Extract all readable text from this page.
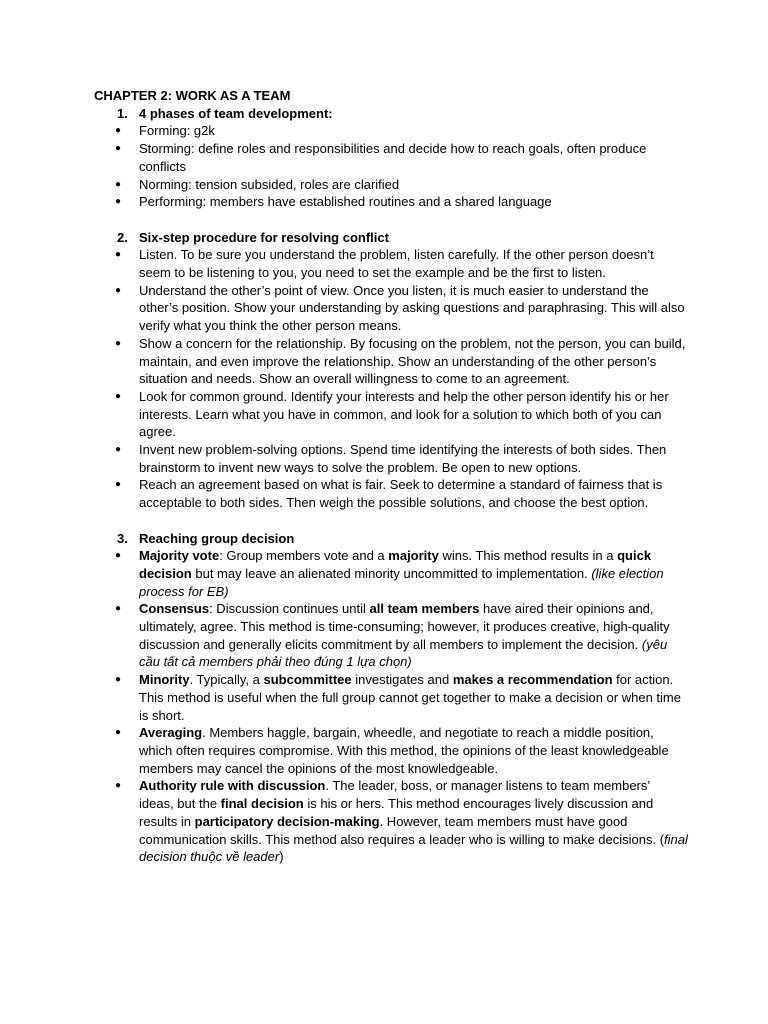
CHAPTER 2: WORK AS A TEAM

1. 4 phases of team development:

● Forming: g2k
● Storming: define roles and responsibilities and decide how to reach goals, often produce conflicts
● Norming: tension subsided, roles are clarified
● Performing: members have established routines and a shared language

2. Six-step procedure for resolving conflict

● Listen. To be sure you understand the problem, listen carefully. If the other person doesn’t seem to be listening to you, you need to set the example and be the first to listen.
● Understand the other’s point of view. Once you listen, it is much easier to understand the other’s position. Show your understanding by asking questions and paraphrasing. This will also verify what you think the other person means.
● Show a concern for the relationship. By focusing on the problem, not the person, you can build, maintain, and even improve the relationship. Show an understanding of the other person’s situation and needs. Show an overall willingness to come to an agreement.
● Look for common ground. Identify your interests and help the other person identify his or her interests. Learn what you have in common, and look for a solution to which both of you can agree.
● Invent new problem-solving options. Spend time identifying the interests of both sides. Then brainstorm to invent new ways to solve the problem. Be open to new options.
● Reach an agreement based on what is fair. Seek to determine a standard of fairness that is acceptable to both sides. Then weigh the possible solutions, and choose the best option.

3. Reaching group decision

● Majority vote: Group members vote and a majority wins. This method results in a quick decision but may leave an alienated minority uncommitted to implementation. (like election process for EB)
● Consensus: Discussion continues until all team members have aired their opinions and, ultimately, agree. This method is time-consuming; however, it produces creative, high-quality discussion and generally elicits commitment by all members to implement the decision. (yêu cầu tất cả members phải theo đúng 1 lựa chọn)
● Minority. Typically, a subcommittee investigates and makes a recommendation for action. This method is useful when the full group cannot get together to make a decision or when time is short.
● Averaging. Members haggle, bargain, wheedle, and negotiate to reach a middle position, which often requires compromise. With this method, the opinions of the least knowledgeable members may cancel the opinions of the most knowledgeable.
● Authority rule with discussion. The leader, boss, or manager listens to team members’ ideas, but the final decision is his or hers. This method encourages lively discussion and results in participatory decision-making. However, team members must have good communication skills. This method also requires a leader who is willing to make decisions. (final decision thuộc về leader)
